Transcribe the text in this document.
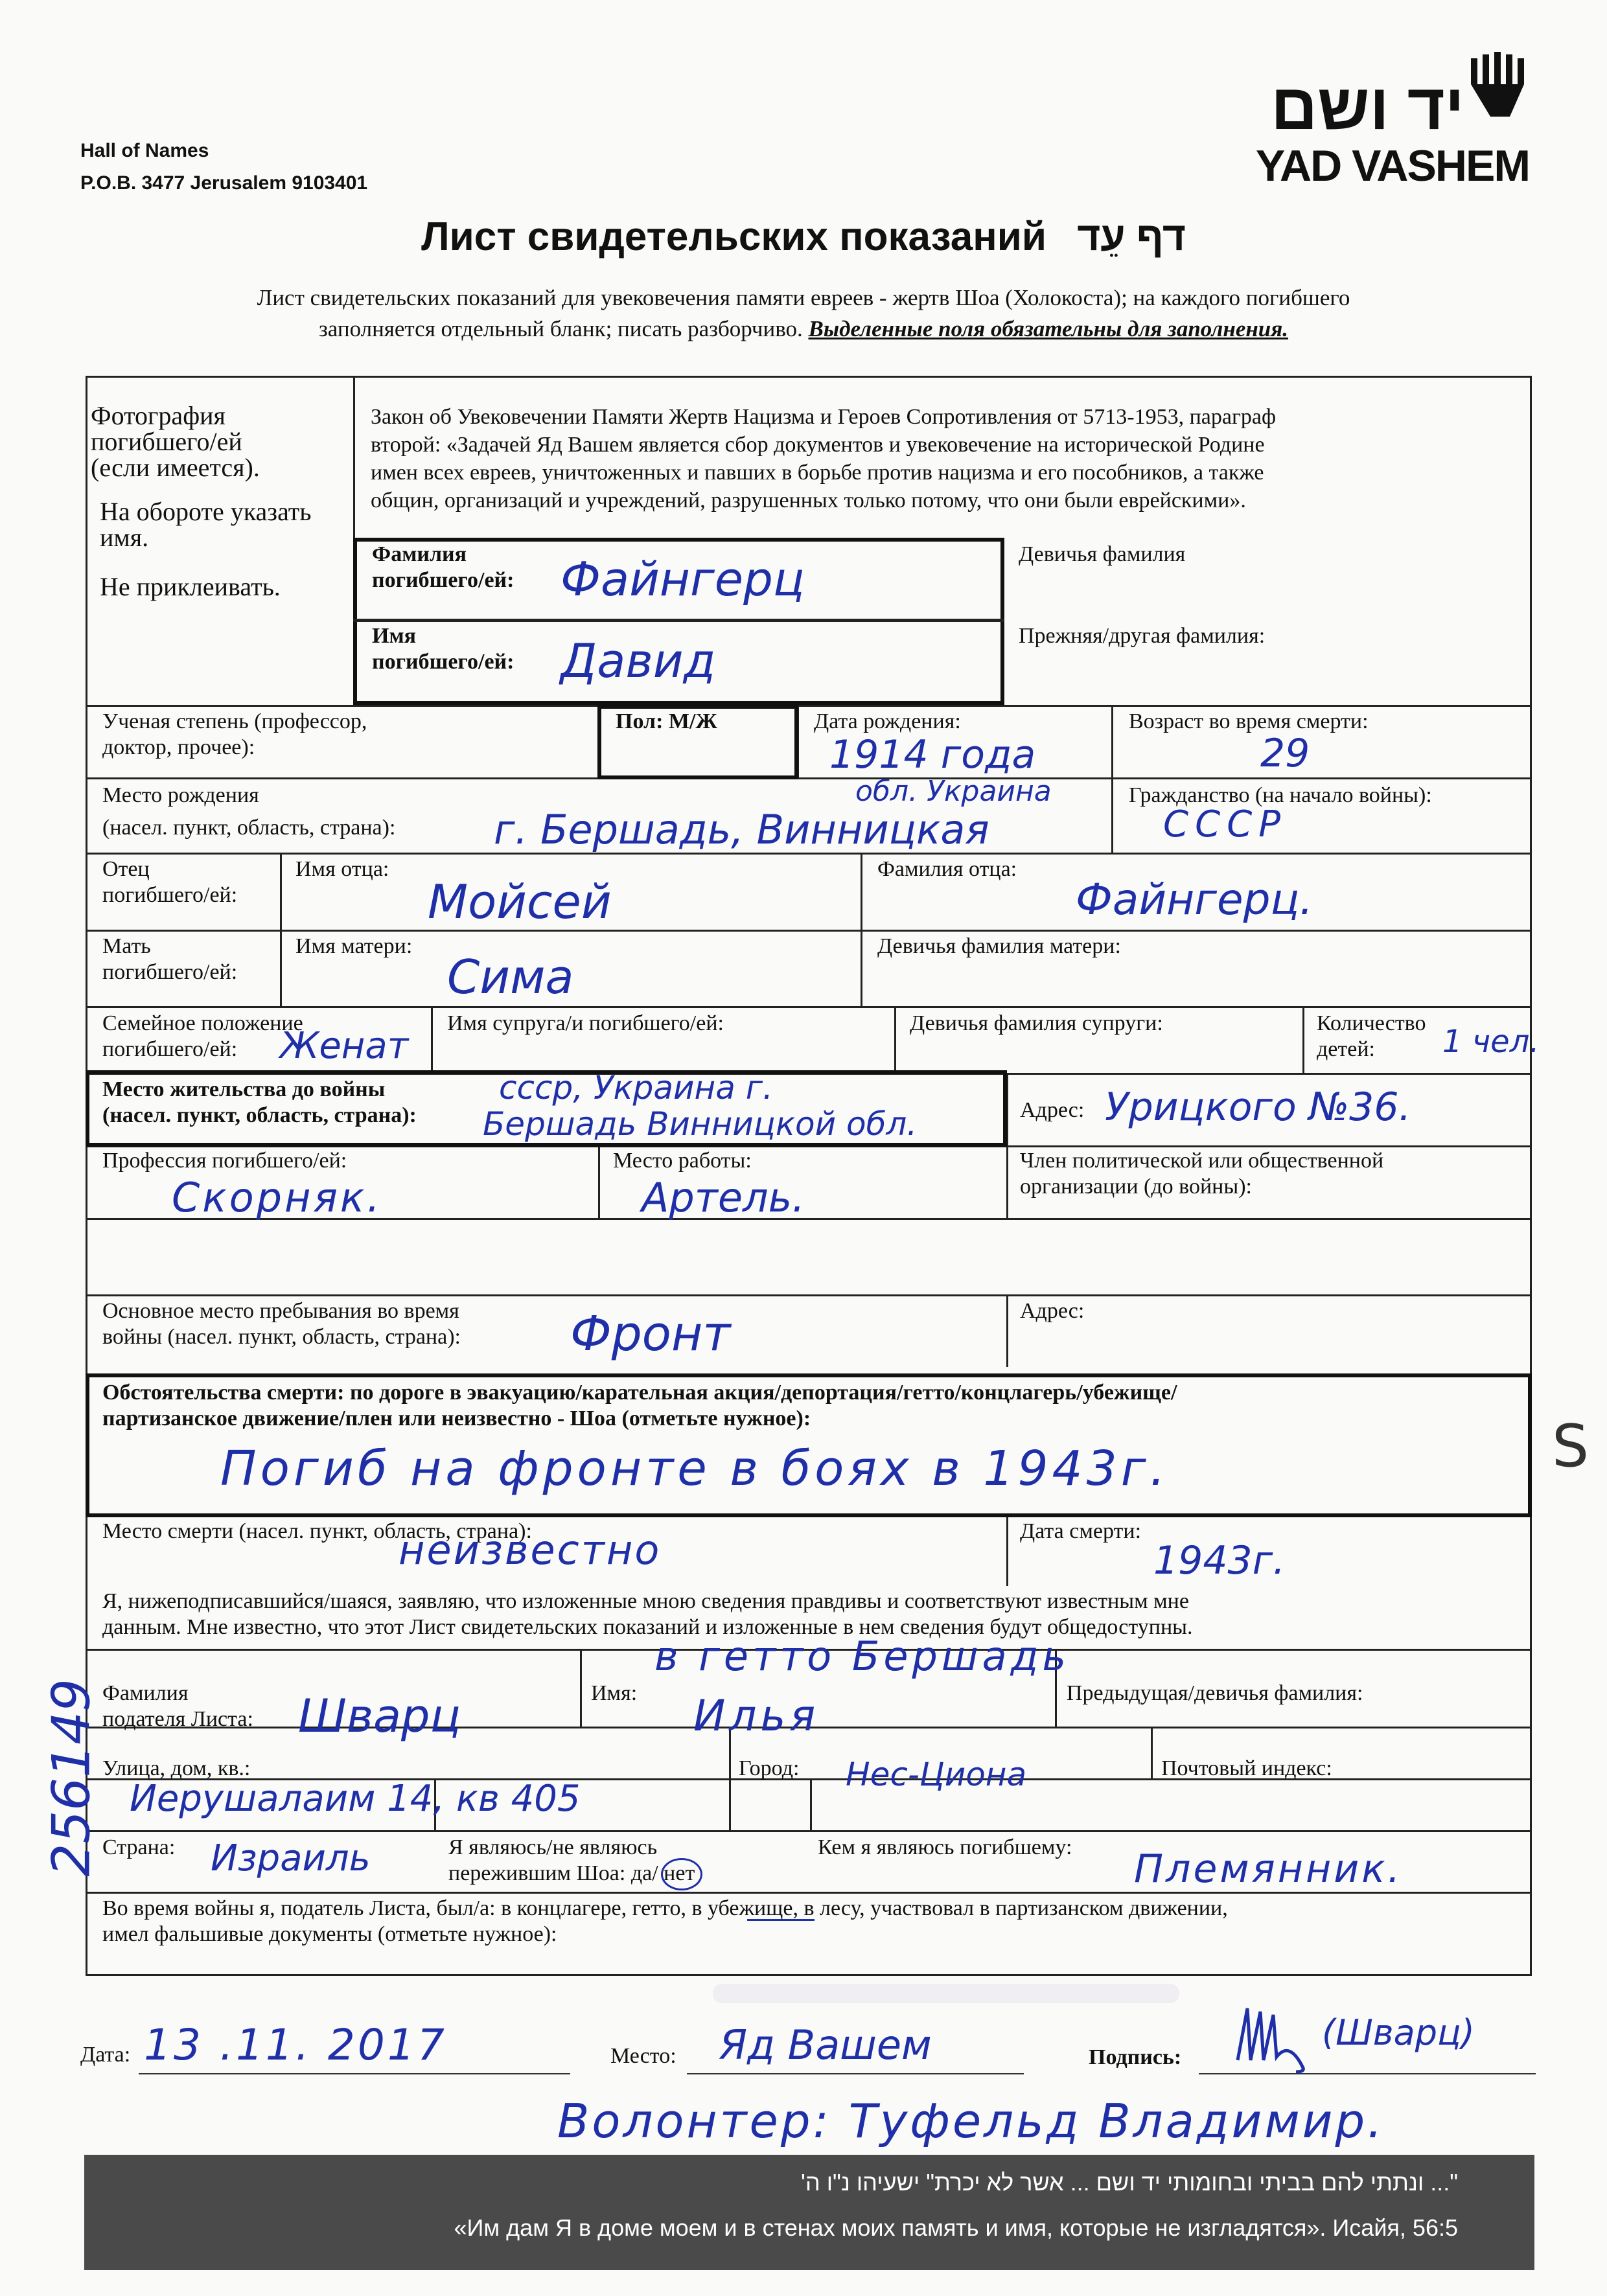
Hall of Names
P.O.B. 3477 Jerusalem 9103401
יד ושם
YAD VASHEM
Лист свидетельских показаний דף עֵד
Лист свидетельских показаний для увековечения памяти евреев - жертв Шоа (Холокоста); на каждого погибшего
заполняется отдельный бланк; писать разборчиво. Выделенные поля обязательны для заполнения.
Фотография
погибшего/ей
(если имеется).
На обороте указать
имя.
Не приклеивать.
Закон об Увековечении Памяти Жертв Нацизма и Героев Сопротивления от 5713-1953, параграф
второй: «Задачей Яд Вашем является сбор документов и увековечение на исторической Родине
имен всех евреев, уничтоженных и павших в борьбе против нацизма и его пособников, а также
общин, организаций и учреждений, разрушенных только потому, что они были еврейскими».
Фамилия
погибшего/ей: Файнгерц	Девичья фамилия
Имя
погибшего/ей: Давид	Прежняя/другая фамилия:
Ученая степень (профессор,
доктор, прочее):
Пол: М/Ж	Дата рождения:
1914 года
Возраст во время смерти:
29
Место рождения
(насел. пункт, область, страна): г. Бершадь, Винницкая
обл. Украина	Гражданство (на начало войны):
СССР
Отец
погибшего/ей:
Имя отца:
Мойсей
Фамилия отца:
Файнгерц.
Мать
погибшего/ей:
Имя матери:
Сима
Девичья фамилия матери:
Семейное положение
погибшего/ей:	Женат
Имя супруга/и погибшего/ей:	Девичья фамилия супруги:	Количество
детей:	1 чел.
Место жительства до войны
(насел. пункт, область, страна):
ссср, Украина г.
Бершадь Винницкой обл.	Адрес: Урицкого №36.
Профессия погибшего/ей:
Скорняк.
Место работы:
Артель.
Член политической или общественной
организации (до войны):
Основное место пребывания во время
войны (насел. пункт, область, страна): Фронт	Адрес:
Обстоятельства смерти: по дороге в эвакуацию/карательная акция/депортация/гетто/концлагерь/убежище/
партизанское движение/плен или неизвестно - Шоа (отметьте нужное):
Погиб на фронте в боях в 1943г.	S
Место смерти (насел. пункт, область, страна):
неизвестно	Дата смерти:
1943г.
Я, нижеподписавшийся/шаяся, заявляю, что изложенные мною сведения правдивы и соответствуют известным мне
данным. Мне известно, что этот Лист свидетельских показаний и изложенные в нем сведения будут общедоступны.
в гетто Бершадь
256149 Фамилия
подателя Листа: Шварц	Имя: Илья	Предыдущая/девичья фамилия:
Улица, дом, кв.:
Иерушалаим 14, кв 405
Город: Нес-Циона	Почтовый индекс:
Страна: Израиль	Я являюсь/не являюсь
пережившим Шоа: да/ нет
Кем я являюсь погибшему: Племянник.
Во время войны я, податель Листа, был/а: в концлагере, гетто, в убежище, в лесу, участвовал в партизанском движении,
имел фальшивые документы (отметьте нужное):
Дата: 13 .11. 2017	Место: Яд Вашем	Подпись:
(Шварц)
Волонтер: Туфельд Владимир.
"... ונתתי להם בביתי ובחומותי יד ושם ... אשר לא יכרת" ישעיהו נ"ו ה'
«Им дам Я в доме моем и в стенах моих память и имя, которые не изгладятся». Исайя, 56:5
